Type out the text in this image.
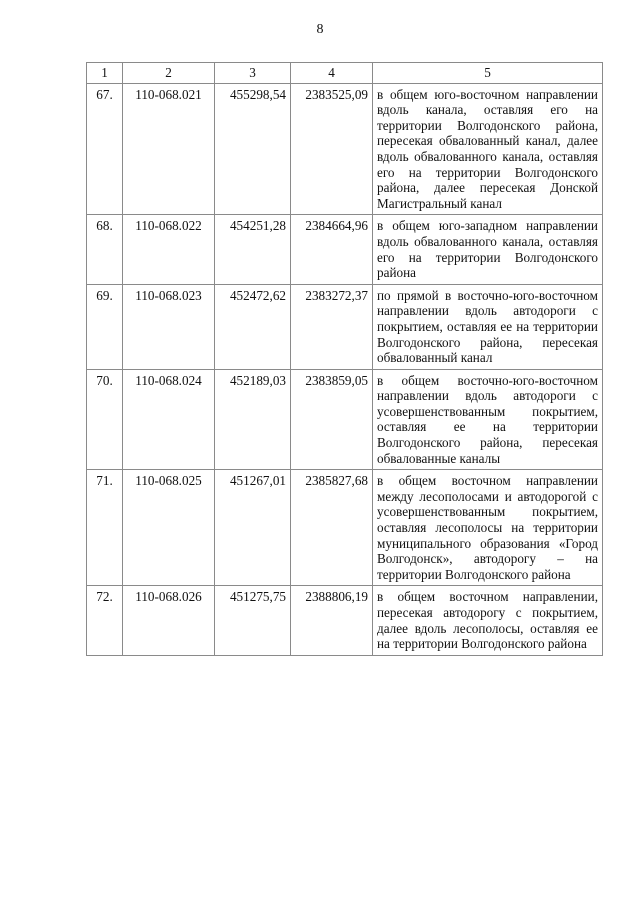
8
1	2	3	4	5
67.	110-068.021	455298,54	2383525,09	в общем юго-восточном направлении вдоль канала, оставляя его на территории Волгодонского района, пересекая обвалованный канал, далее вдоль обвалованного канала, оставляя его на территории Волгодонского района, далее пересекая Донской Магистральный канал
68.	110-068.022	454251,28	2384664,96	в общем юго-западном направлении вдоль обвалованного канала, оставляя его на территории Волгодонского района
69.	110-068.023	452472,62	2383272,37	по прямой в восточно-юго-восточном направлении вдоль автодороги с покрытием, оставляя ее на территории Волгодонского района, пересекая обвалованный канал
70.	110-068.024	452189,03	2383859,05	в общем восточно-юго-восточном направлении вдоль автодороги с усовершенствованным покрытием, оставляя ее на территории Волгодонского района, пересекая обвалованные каналы
71.	110-068.025	451267,01	2385827,68	в общем восточном направлении между лесополосами и автодорогой с усовершенствованным покрытием, оставляя лесополосы на территории муниципального образования «Город Волгодонск», автодорогу – на территории Волгодонского района
72.	110-068.026	451275,75	2388806,19	в общем восточном направлении, пересекая автодорогу с покрытием, далее вдоль лесополосы, оставляя ее на территории Волгодонского района
